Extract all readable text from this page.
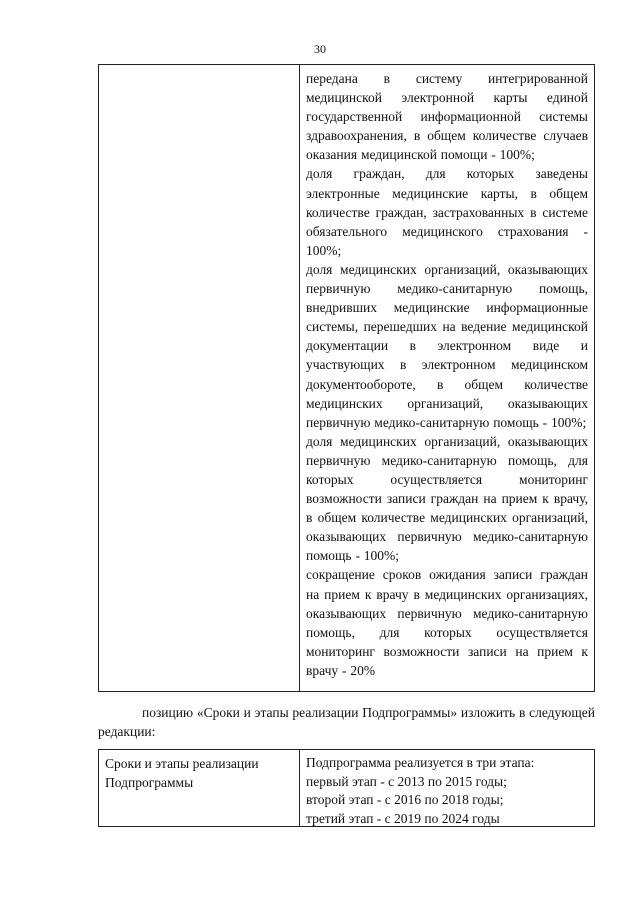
30

передана в систему интегрированной медицинской электронной карты единой государственной информационной системы здравоохранения, в общем количестве случаев оказания медицинской помощи - 100%;

доля граждан, для которых заведены электронные медицинские карты, в общем количестве граждан, застрахованных в системе обязательного медицинского страхования - 100%;

доля медицинских организаций, оказывающих первичную медико-санитарную помощь, внедривших медицинские информационные системы, перешедших на ведение медицинской документации в электронном виде и участвующих в электронном медицинском документообороте, в общем количестве медицинских организаций, оказывающих первичную медико-санитарную помощь - 100%;

доля медицинских организаций, оказывающих первичную медико-санитарную помощь, для которых осуществляется мониторинг возможности записи граждан на прием к врачу, в общем количестве медицинских организаций, оказывающих первичную медико-санитарную помощь - 100%;

сокращение сроков ожидания записи граждан на прием к врачу в медицинских организациях, оказывающих первичную медико-санитарную помощь, для которых осуществляется мониторинг возможности записи на прием к врачу - 20%

позицию «Сроки и этапы реализации Подпрограммы» изложить в следующей редакции:

Сроки и этапы реализации Подпрограммы
Подпрограмма реализуется в три этапа:
первый этап - с 2013 по 2015 годы;
второй этап - с 2016 по 2018 годы;
третий этап - с 2019 по 2024 годы
